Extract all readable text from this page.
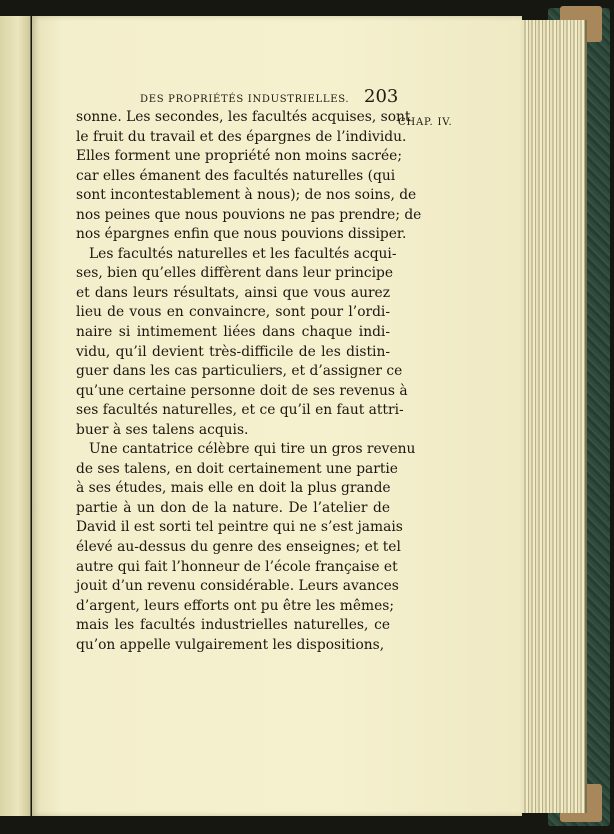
DES PROPRIÉTÉS INDUSTRIELLES. 203
CHAP. IV.
sonne. Les secondes, les facultés acquises, sont
le fruit du travail et des épargnes de l’individu.
Elles forment une propriété non moins sacrée;
car elles émanent des facultés naturelles (qui
sont incontestablement à nous); de nos soins, de
nos peines que nous pouvions ne pas prendre; de
nos épargnes enfin que nous pouvions dissiper.
Les facultés naturelles et les facultés acqui-
ses, bien qu’elles diffèrent dans leur principe
et dans leurs résultats, ainsi que vous aurez
lieu de vous en convaincre, sont pour l’ordi-
naire si intimement liées dans chaque indi-
vidu, qu’il devient très-difficile de les distin-
guer dans les cas particuliers, et d’assigner ce
qu’une certaine personne doit de ses revenus à
ses facultés naturelles, et ce qu’il en faut attri-
buer à ses talens acquis.
Une cantatrice célèbre qui tire un gros revenu
de ses talens, en doit certainement une partie
à ses études, mais elle en doit la plus grande
partie à un don de la nature. De l’atelier de
David il est sorti tel peintre qui ne s’est jamais
élevé au-dessus du genre des enseignes; et tel
autre qui fait l’honneur de l’école française et
jouit d’un revenu considérable. Leurs avances
d’argent, leurs efforts ont pu être les mêmes;
mais les facultés industrielles naturelles, ce
qu’on appelle vulgairement les dispositions,
